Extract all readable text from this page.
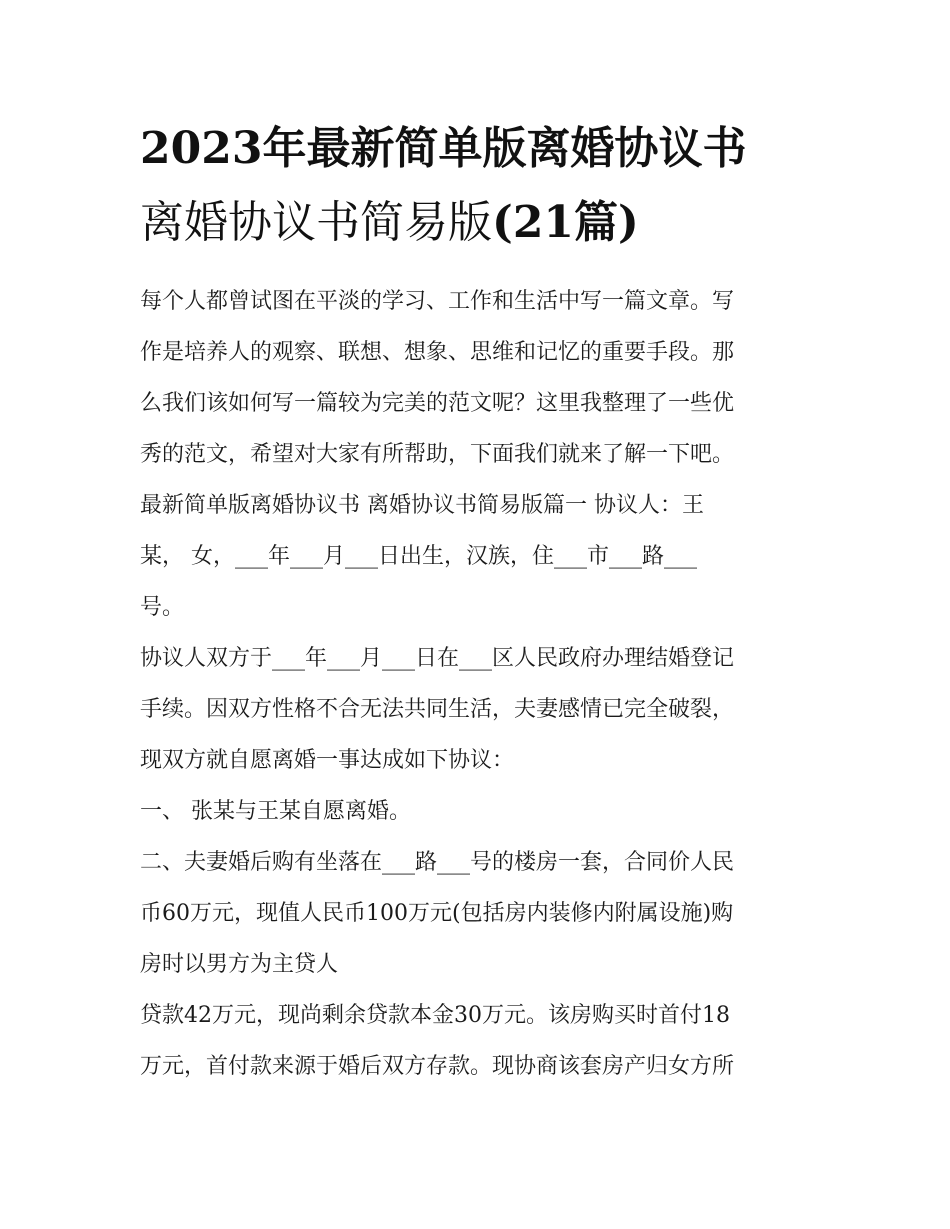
2023年最新简单版离婚协议书
离婚协议书简易版(21篇)
每个人都曾试图在平淡的学习、工作和生活中写一篇文章。写
作是培养人的观察、联想、想象、思维和记忆的重要手段。那
么我们该如何写一篇较为完美的范文呢？这里我整理了一些优
秀的范文，希望对大家有所帮助，下面我们就来了解一下吧。
最新简单版离婚协议书 离婚协议书简易版篇一 协议人：王
某， 女，___年___月___日出生，汉族，住___市___路___
号。
协议人双方于___年___月___日在___区人民政府办理结婚登记
手续。因双方性格不合无法共同生活，夫妻感情已完全破裂，
现双方就自愿离婚一事达成如下协议：
一、 张某与王某自愿离婚。
二、夫妻婚后购有坐落在___路___号的楼房一套，合同价人民
币60万元，现值人民币100万元(包括房内装修内附属设施)购
房时以男方为主贷人
贷款42万元，现尚剩余贷款本金30万元。该房购买时首付18
万元，首付款来源于婚后双方存款。现协商该套房产归女方所
